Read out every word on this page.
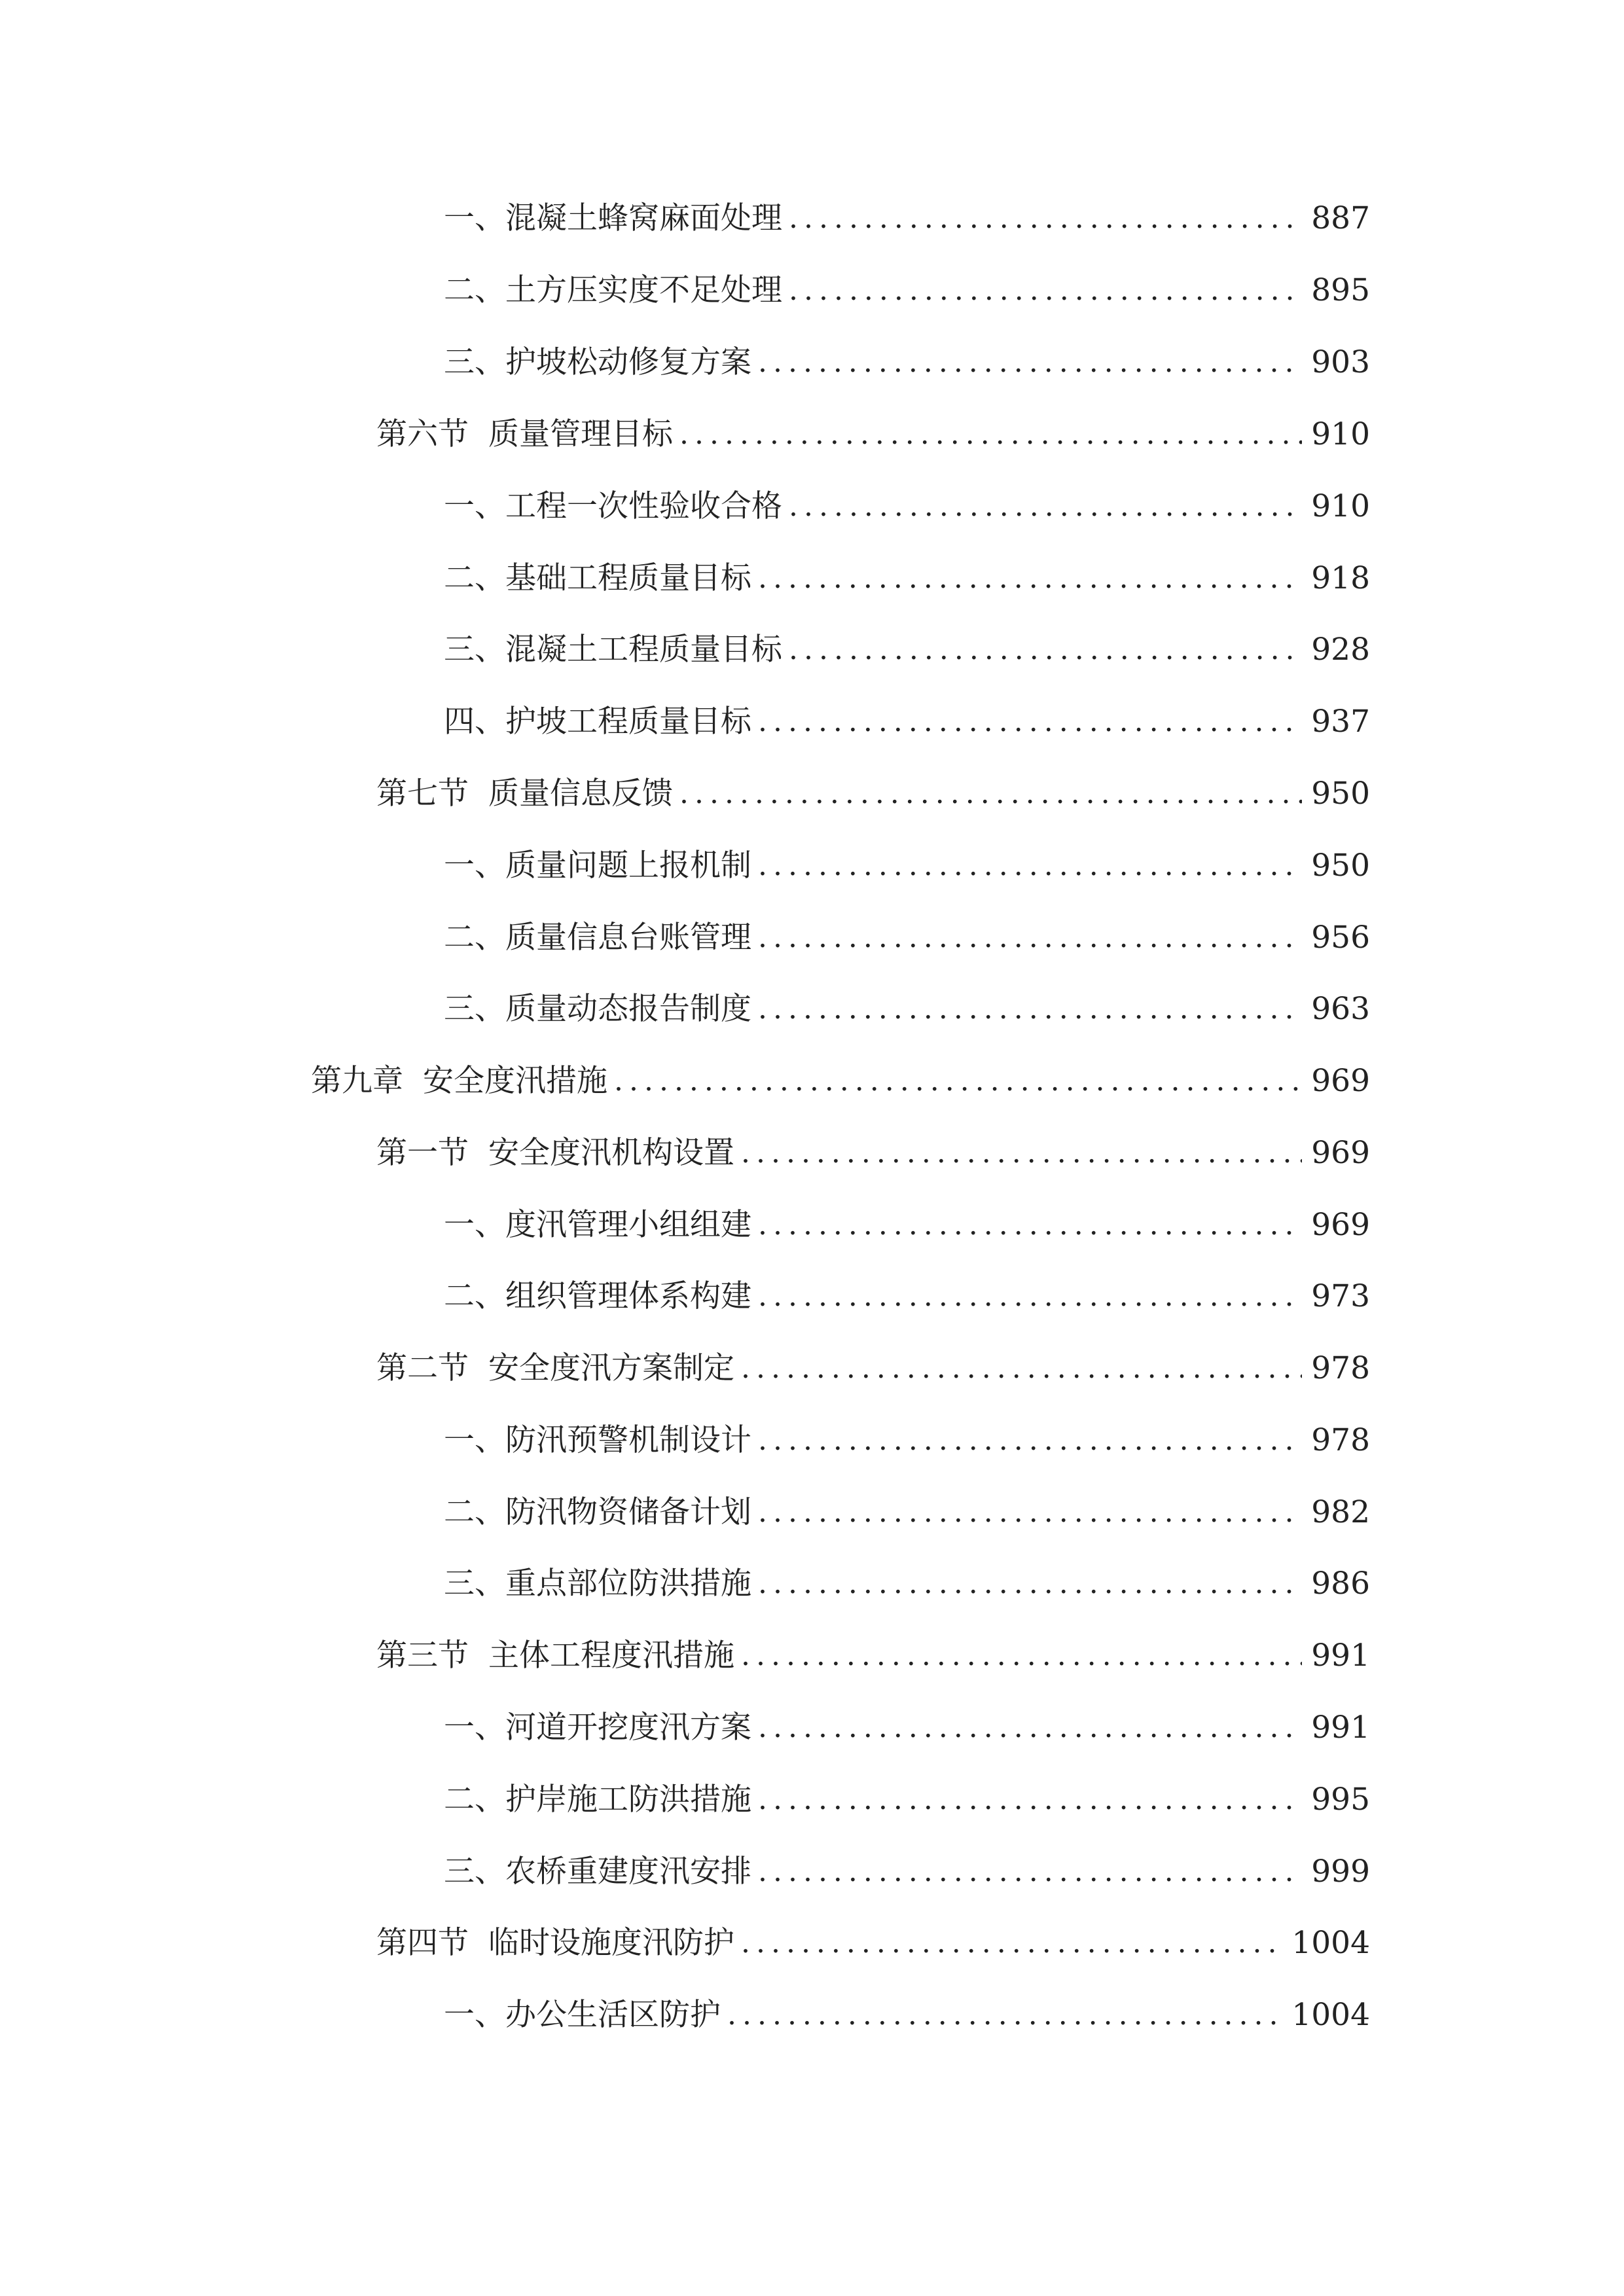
一、 混凝土蜂窝麻面处理 .....	887
二、 土方压实度不足处理 .....	895
三、 护坡松动修复方案 .....	903
第六节 质量管理目标 .....	910
一、 工程一次性验收合格 .....	910
二、 基础工程质量目标 .....	918
三、 混凝土工程质量目标 .....	928
四、 护坡工程质量目标 .....	937
第七节 质量信息反馈 .....	950
一、 质量问题上报机制 .....	950
二、 质量信息台账管理 .....	956
三、 质量动态报告制度 .....	963
第九章 安全度汛措施 .....	969
第一节 安全度汛机构设置 .....	969
一、 度汛管理小组组建 .....	969
二、 组织管理体系构建 .....	973
第二节 安全度汛方案制定 .....	978
一、 防汛预警机制设计 .....	978
二、 防汛物资储备计划 .....	982
三、 重点部位防洪措施 .....	986
第三节 主体工程度汛措施 .....	991
一、 河道开挖度汛方案 .....	991
二、 护岸施工防洪措施 .....	995
三、 农桥重建度汛安排 .....	999
第四节 临时设施度汛防护 .....	1004
一、 办公生活区防护 .....	1004
